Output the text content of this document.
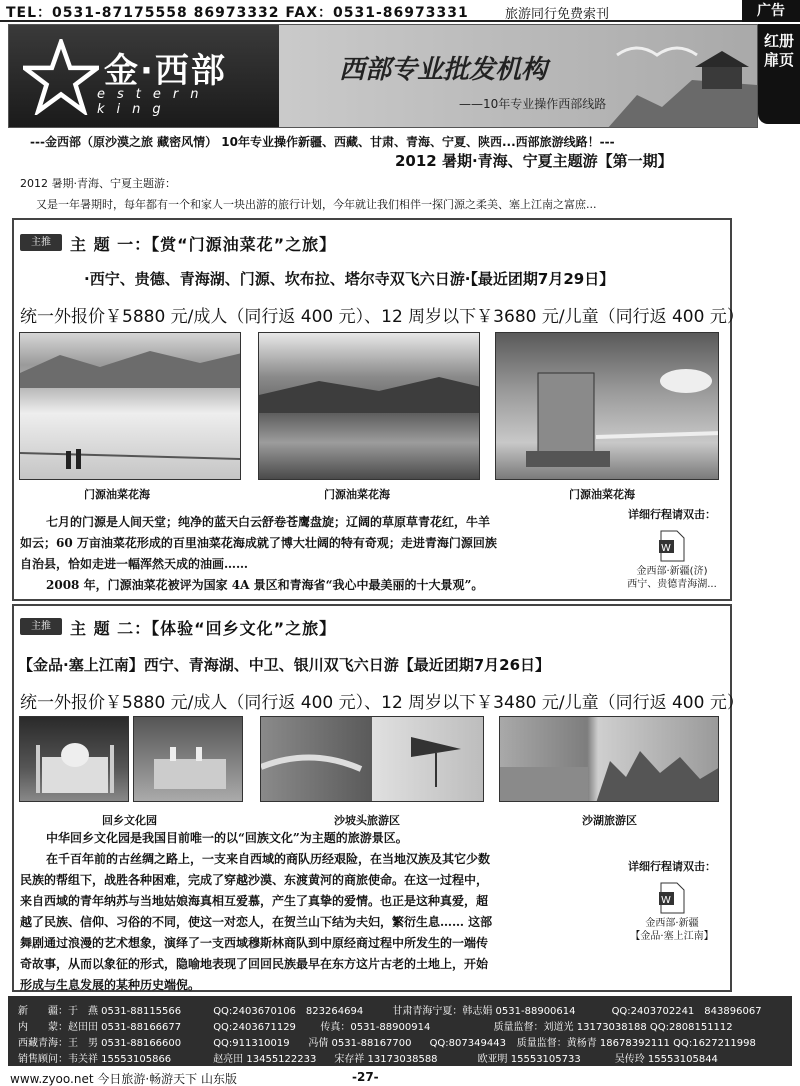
TEL：0531-87175558 86973332 FAX：0531-86973331	旅游同行免费索刊	广告
红册扉页
金·西部
estern king
西部专业批发机构
——10年专业操作西部线路
---金西部（原沙漠之旅 藏密风情） 10年专业操作新疆、西藏、甘肃、青海、宁夏、陕西...西部旅游线路！---
2012 暑期·青海、宁夏主题游【第一期】
2012 暑期·青海、宁夏主题游：
又是一年暑期时，每年都有一个和家人一块出游的旅行计划，今年就让我们相伴一探门源之柔美、塞上江南之富庶...
主推	主 题 一：【赏“门源油菜花”之旅】
·西宁、贵德、青海湖、门源、坎布拉、塔尔寺双飞六日游·【最近团期7月29日】
统一外报价￥5880 元/成人（同行返 400 元）、12 周岁以下￥3680 元/儿童（同行返 400 元）
门源油菜花海	门源油菜花海	门源油菜花海

七月的门源是人间天堂；纯净的蓝天白云舒卷苍鹰盘旋；辽阔的草原草青花红，牛羊

如云；60 万亩油菜花形成的百里油菜花海成就了博大壮阔的特有奇观；走进青海门源回族

自治县，恰如走进一幅浑然天成的油画……

2008 年，门源油菜花被评为国家 4A 景区和青海省“我心中最美丽的十大景观”。

详细行程请双击：
W
金西部·新疆(济)
西宁、贵德青海湖...
主推	主 题 二：【体验“回乡文化”之旅】
【金品·塞上江南】西宁、青海湖、中卫、银川双飞六日游【最近团期7月26日】
统一外报价￥5880 元/成人（同行返 400 元）、12 周岁以下￥3480 元/儿童（同行返 400 元）
回乡文化园	沙坡头旅游区	沙湖旅游区

中华回乡文化园是我国目前唯一的以“回族文化”为主题的旅游景区。

在千百年前的古丝绸之路上，一支来自西域的商队历经艰险，在当地汉族及其它少数

民族的帮组下，战胜各种困难，完成了穿越沙漠、东渡黄河的商旅使命。在这一过程中，

来自西域的青年纳苏与当地姑娘海真相互爱慕，产生了真挚的爱情。也正是这种真爱，超

越了民族、信仰、习俗的不同，使这一对恋人，在贺兰山下结为夫妇，繁衍生息…… 这部

舞剧通过浪漫的艺术想象，演绎了一支西域穆斯林商队到中原经商过程中所发生的一端传

奇故事，从而以象征的形式，隐喻地表现了回回民族最早在东方这片古老的土地上，开始

形成与生息发展的某种历史端倪。

详细行程请双击：
W
金西部·新疆
【金品·塞上江南】
新　　疆：于　燕 0531-88115566	QQ:2403670106　823264694	甘肃青海宁夏：韩志娟 0531-88900614	QQ:2403702241　843896067
内　　蒙：赵田田 0531-88166677	QQ:2403671129 传真：0531-88900914	质量监督：刘道光 13173038188 QQ:2808151112
西藏青海：王　男 0531-88166600	QQ:911310019 冯倩 0531-88167700 QQ:807349443 质量监督：黄杨青 18678392111 QQ:1627211998
销售顾问：韦关祥 15553105866	赵亮田 13455122233 宋存祥 13173038588	欧亚明 15553105733	吴传玲 15553105844
www.zyoo.net 今日旅游·畅游天下 山东版	-27-
